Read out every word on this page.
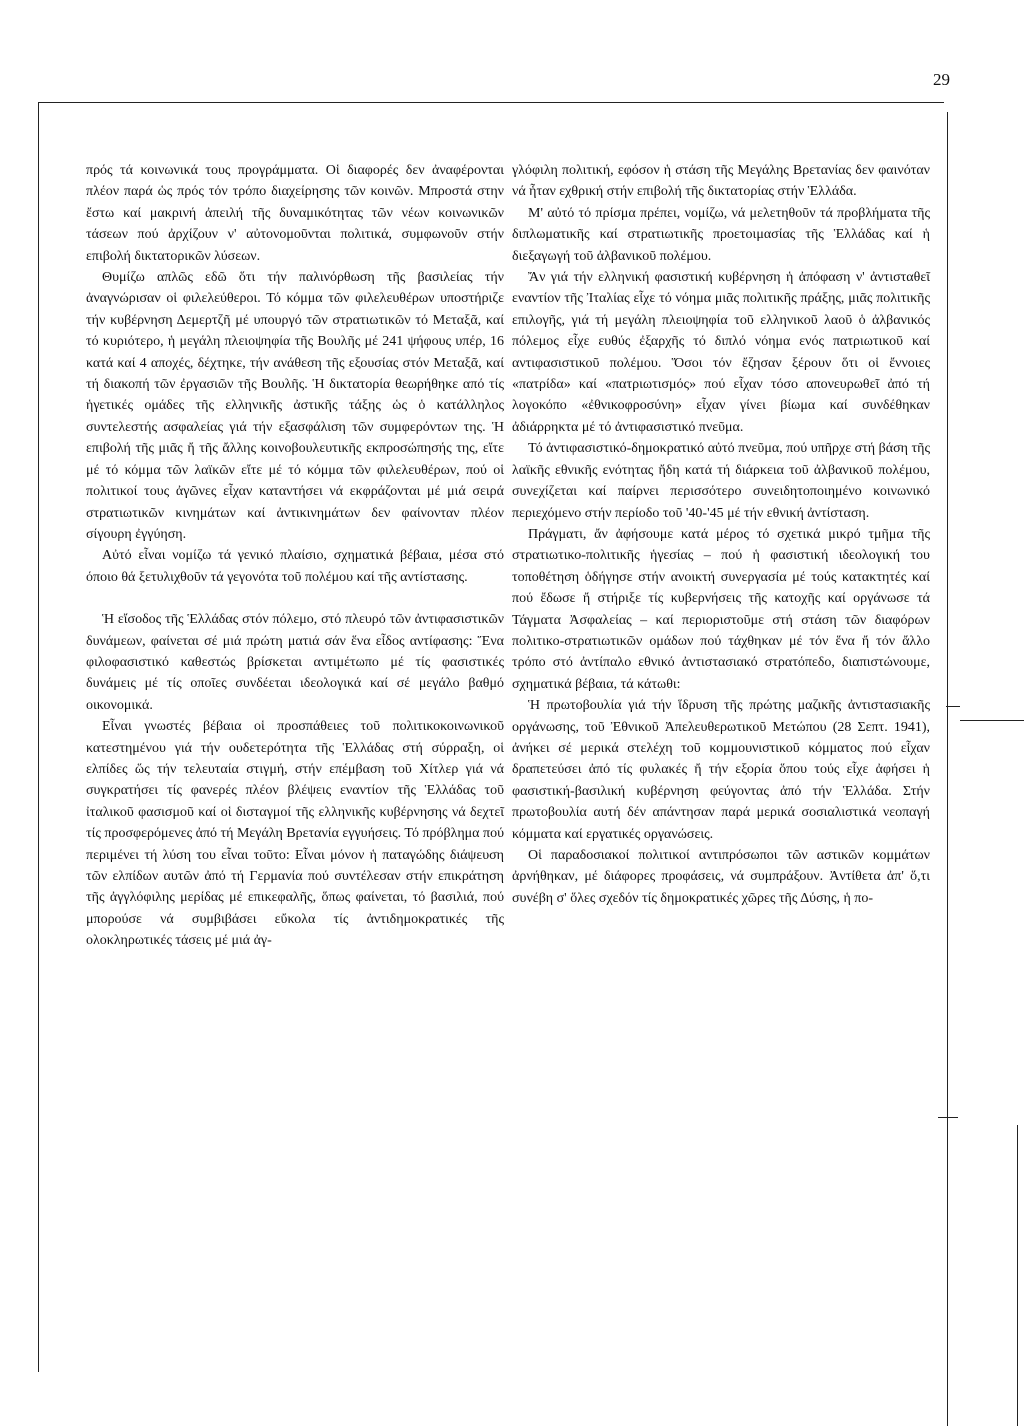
29

πρός τά κοινωνικά τους προγράμματα. Οἱ διαφορές δεν ἀναφέρονται πλέον παρά ὡς πρός τόν τρόπο διαχείρησης τῶν κοινῶν. Μπροστά στην ἔστω καί μακρινή ἀπειλή τῆς δυναμικότητας τῶν νέων κοινωνικῶν τάσεων πού ἀρχίζουν ν' αὐτονομοῦνται πολιτικά, συμφωνοῦν στήν επιβολή δικτατορικῶν λύσεων.

Θυμίζω απλῶς εδῶ ὅτι τήν παλινόρθωση τῆς βασιλείας τήν ἀναγνώρισαν οἱ φιλελεύθεροι. Τό κόμμα τῶν φιλελευθέρων υποστήριζε τήν κυβέρνηση Δεμερτζῆ μέ υπουργό τῶν στρατιωτικῶν τό Μεταξᾶ, καί τό κυριότερο, ἡ μεγάλη πλειοψηφία τῆς Βουλῆς μέ 241 ψήφους υπέρ, 16 κατά καί 4 αποχές, δέχτηκε, τήν ανάθεση τῆς εξουσίας στόν Μεταξᾶ, καί τή διακοπή τῶν ἐργασιῶν τῆς Βουλῆς. Ἡ δικτατορία θεωρήθηκε από τίς ἡγετικές ομάδες τῆς ελληνικῆς ἀστικῆς τάξης ὡς ὁ κατάλληλος συντελεστής ασφαλείας γιά τήν εξασφάλιση τῶν συμφερόντων της. Ἡ επιβολή τῆς μιᾶς ἤ τῆς ἄλλης κοινοβουλευτικῆς εκπροσώπησής της, εἴτε μέ τό κόμμα τῶν λαϊκῶν εἴτε μέ τό κόμμα τῶν φιλελευθέρων, πού οἱ πολιτικοί τους ἀγῶνες εἶχαν καταντήσει νά εκφράζονται μέ μιά σειρά στρατιωτικῶν κινημάτων καί ἀντικινημάτων δεν φαίνονταν πλέον σίγουρη ἐγγύηση.

Αὐτό εἶναι νομίζω τά γενικό πλαίσιο, σχηματικά βέβαια, μέσα στό όποιο θά ξετυλιχθοῦν τά γεγονότα τοῦ πολέμου καί τῆς αντίστασης.

Ἡ εἴσοδος τῆς Ἑλλάδας στόν πόλεμο, στό πλευρό τῶν ἀντιφασιστικῶν δυνάμεων, φαίνεται σέ μιά πρώτη ματιά σάν ἕνα εἶδος αντίφασης: Ἕνα φιλοφασιστικό καθεστώς βρίσκεται αντιμέτωπο μέ τίς φασιστικές δυνάμεις μέ τίς οποῖες συνδέεται ιδεολογικά καί σέ μεγάλο βαθμό οικονομικά.

Εἶναι γνωστές βέβαια οἱ προσπάθειες τοῦ πολιτικοκοινωνικοῦ κατεστημένου γιά τήν ουδετερότητα τῆς Ἑλλάδας στή σύρραξη, οἱ ελπίδες ὥς τήν τελευταία στιγμή, στήν επέμβαση τοῦ Χίτλερ γιά νά συγκρατήσει τίς φανερές πλέον βλέψεις εναντίον τῆς Ἑλλάδας τοῦ ἰταλικοῦ φασισμοῦ καί οἱ δισταγμοί τῆς ελληνικῆς κυβέρνησης νά δεχτεῖ τίς προσφερόμενες ἀπό τή Μεγάλη Βρετανία εγγυήσεις. Τό πρόβλημα πού περιμένει τή λύση του εἶναι τοῦτο: Εἶναι μόνον ἡ παταγώδης διάψευση τῶν ελπίδων αυτῶν ἀπό τή Γερμανία πού συντέλεσαν στήν επικράτηση τῆς ἀγγλόφιλης μερίδας μέ επικεφαλῆς, ὅπως φαίνεται, τό βασιλιά, πού μπορούσε νά συμβιβάσει εὔκολα τίς ἀντιδημοκρατικές τῆς ολοκληρωτικές τάσεις μέ μιά ἀγ-

γλόφιλη πολιτική, εφόσον ἡ στάση τῆς Μεγάλης Βρετανίας δεν φαινόταν νά ἦταν εχθρική στήν επιβολή τῆς δικτατορίας στήν Ἑλλάδα.

Μ' αὐτό τό πρίσμα πρέπει, νομίζω, νά μελετηθοῦν τά προβλήματα τῆς διπλωματικῆς καί στρατιωτικῆς προετοιμασίας τῆς Ἑλλάδας καί ἡ διεξαγωγή τοῦ ἀλβανικοῦ πολέμου.

Ἄν γιά τήν ελληνική φασιστική κυβέρνηση ἡ ἀπόφαση ν' ἀντισταθεῖ εναντίον τῆς Ἰταλίας εἶχε τό νόημα μιᾶς πολιτικῆς πράξης, μιᾶς πολιτικῆς επιλογῆς, γιά τή μεγάλη πλειοψηφία τοῦ ελληνικοῦ λαοῦ ὁ ἀλβανικός πόλεμος εἶχε ευθύς ἐξαρχῆς τό διπλό νόημα ενός πατριωτικοῦ καί αντιφασιστικοῦ πολέμου. Ὅσοι τόν ἔζησαν ξέρουν ὅτι οἱ ἔννοιες «πατρίδα» καί «πατριωτισμός» πού εἶχαν τόσο απονευρωθεῖ ἀπό τή λογοκόπο «ἐθνικοφροσύνη» εἶχαν γίνει βίωμα καί συνδέθηκαν ἀδιάρρηκτα μέ τό ἀντιφασιστικό πνεῦμα.

Τό ἀντιφασιστικό-δημοκρατικό αὐτό πνεῦμα, πού υπῆρχε στή βάση τῆς λαϊκῆς εθνικῆς ενότητας ἤδη κατά τή διάρκεια τοῦ ἀλβανικοῦ πολέμου, συνεχίζεται καί παίρνει περισσότερο συνειδητοποιημένο κοινωνικό περιεχόμενο στήν περίοδο τοῦ '40-'45 μέ τήν εθνική ἀντίσταση.

Πράγματι, ἄν ἀφήσουμε κατά μέρος τό σχετικά μικρό τμῆμα τῆς στρατιωτικο-πολιτικῆς ἡγεσίας – πού ἡ φασιστική ιδεολογική του τοποθέτηση ὁδήγησε στήν ανοικτή συνεργασία μέ τούς κατακτητές καί πού ἔδωσε ἤ στήριξε τίς κυβερνήσεις τῆς κατοχῆς καί οργάνωσε τά Τάγματα Ἀσφαλείας – καί περιοριστοῦμε στή στάση τῶν διαφόρων πολιτικο-στρατιωτικῶν ομάδων πού τάχθηκαν μέ τόν ἕνα ἤ τόν ἄλλο τρόπο στό ἀντίπαλο εθνικό ἀντιστασιακό στρατόπεδο, διαπιστώνουμε, σχηματικά βέβαια, τά κάτωθι:

Ἡ πρωτοβουλία γιά τήν ἵδρυση τῆς πρώτης μαζικῆς ἀντιστασιακῆς οργάνωσης, τοῦ Ἐθνικοῦ Ἀπελευθερωτικοῦ Μετώπου (28 Σεπτ. 1941), ἀνήκει σέ μερικά στελέχη τοῦ κομμουνιστικοῦ κόμματος πού εἶχαν δραπετεύσει ἀπό τίς φυλακές ἤ τήν εξορία ὅπου τούς εἶχε ἀφήσει ἡ φασιστική-βασιλική κυβέρνηση φεύγοντας ἀπό τήν Ἑλλάδα. Στήν πρωτοβουλία αυτή δέν απάντησαν παρά μερικά σοσιαλιστικά νεοπαγή κόμματα καί εργατικές οργανώσεις.

Οἱ παραδοσιακοί πολιτικοί αντιπρόσωποι τῶν αστικῶν κομμάτων ἀρνήθηκαν, μέ διάφορες προφάσεις, νά συμπράξουν. Ἀντίθετα ἀπ' ὅ,τι συνέβη σ' ὅλες σχεδόν τίς δημοκρατικές χῶρες τῆς Δύσης, ἡ πο-
